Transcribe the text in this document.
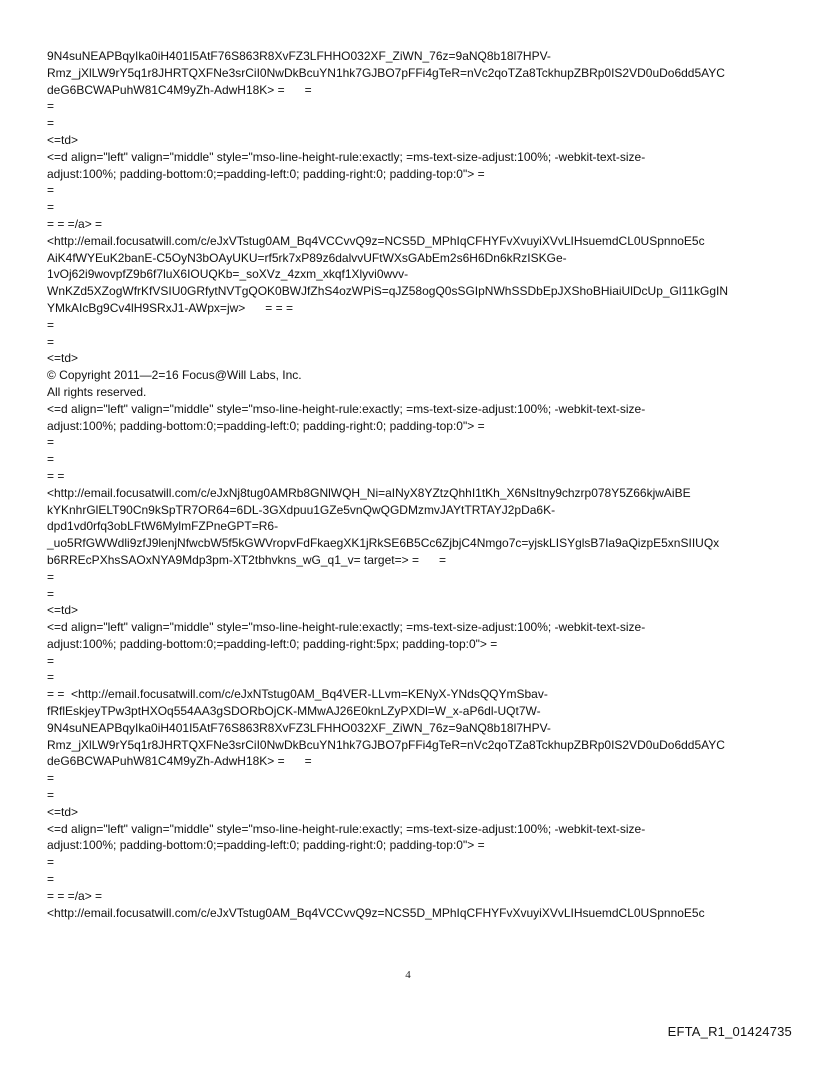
9N4suNEAPBqyIka0iH401I5AtF76S863R8XvFZ3LFHHO032XF_ZiWN_76z=9aNQ8b18l7HPV-
Rmz_jXlLW9rY5q1r8JHRTQXFNe3srCiI0NwDkBcuYN1hk7GJBO7pFFi4gTeR=nVc2qoTZa8TckhupZBRp0IS2VD0uDo6dd5AYC
deG6BCWAPuhW81C4M9yZh-AdwH18K> =      =
=
=
<=td>
<=d align="left" valign="middle" style="mso-line-height-rule:exactly; =ms-text-size-adjust:100%; -webkit-text-size-
adjust:100%; padding-bottom:0;=padding-left:0; padding-right:0; padding-top:0"> =
=
=
= = =/a> =
<http://email.focusatwill.com/c/eJxVTstug0AM_Bq4VCCvvQ9z=NCS5D_MPhIqCFHYFvXvuyiXVvLIHsuemdCL0USpnnoE5c
AiK4fWYEuK2banE-C5OyN3bOAyUKU=rf5rk7xP89z6dalvvUFtWXsGAbEm2s6H6Dn6kRzISKGe-
1vOj62i9wovpfZ9b6f7luX6IOUQKb=_soXVz_4zxm_xkqf1Xlyvi0wvv-
WnKZd5XZogWfrKfVSIU0GRfytNVTgQOK0BWJfZhS4ozWPiS=qJZ58ogQ0sSGIpNWhSSDbEpJXShoBHiaiUlDcUp_Gl11kGgIN
YMkAIcBg9Cv4lH9SRxJ1-AWpx=jw>      = = =
=
=
<=td>
© Copyright 2011—2=16 Focus@Will Labs, Inc.
All rights reserved.
<=d align="left" valign="middle" style="mso-line-height-rule:exactly; =ms-text-size-adjust:100%; -webkit-text-size-
adjust:100%; padding-bottom:0;=padding-left:0; padding-right:0; padding-top:0"> =
=
=
= =
<http://email.focusatwill.com/c/eJxNj8tug0AMRb8GNlWQH_Ni=aINyX8YZtzQhhI1tKh_X6NsItny9chzrp078Y5Z66kjwAiBE
kYKnhrGlELT90Cn9kSpTR7OR64=6DL-3GXdpuu1GZe5vnQwQGDMzmvJAYtTRTAYJ2pDa6K-
dpd1vd0rfq3obLFtW6MylmFZPneGPT=R6-
_uo5RfGWWdli9zfJ9lenjNfwcbW5f5kGWVropvFdFkaegXK1jRkSE6B5Cc6ZjbjC4Nmgo7c=yjskLISYglsB7Ia9aQizpE5xnSIIUQx
b6RREcPXhsSAOxNYA9Mdp3pm-XT2tbhvkns_wG_q1_v= target=> =      =
=
=
<=td>
<=d align="left" valign="middle" style="mso-line-height-rule:exactly; =ms-text-size-adjust:100%; -webkit-text-size-
adjust:100%; padding-bottom:0;=padding-left:0; padding-right:5px; padding-top:0"> =
=
=
= =  <http://email.focusatwill.com/c/eJxNTstug0AM_Bq4VER-LLvm=KENyX-YNdsQQYmSbav-
fRflEskjeyTPw3ptHXOq554AA3gSDORbOjCK-MMwAJ26E0knLZyPXDl=W_x-aP6dl-UQt7W-
9N4suNEAPBqyIka0iH401I5AtF76S863R8XvFZ3LFHHO032XF_ZiWN_76z=9aNQ8b18l7HPV-
Rmz_jXlLW9rY5q1r8JHRTQXFNe3srCiI0NwDkBcuYN1hk7GJBO7pFFi4gTeR=nVc2qoTZa8TckhupZBRp0IS2VD0uDo6dd5AYC
deG6BCWAPuhW81C4M9yZh-AdwH18K> =      =
=
=
<=td>
<=d align="left" valign="middle" style="mso-line-height-rule:exactly; =ms-text-size-adjust:100%; -webkit-text-size-
adjust:100%; padding-bottom:0;=padding-left:0; padding-right:0; padding-top:0"> =
=
=
= = =/a> =
<http://email.focusatwill.com/c/eJxVTstug0AM_Bq4VCCvvQ9z=NCS5D_MPhIqCFHYFvXvuyiXVvLIHsuemdCL0USpnnoE5c
4
EFTA_R1_01424735
